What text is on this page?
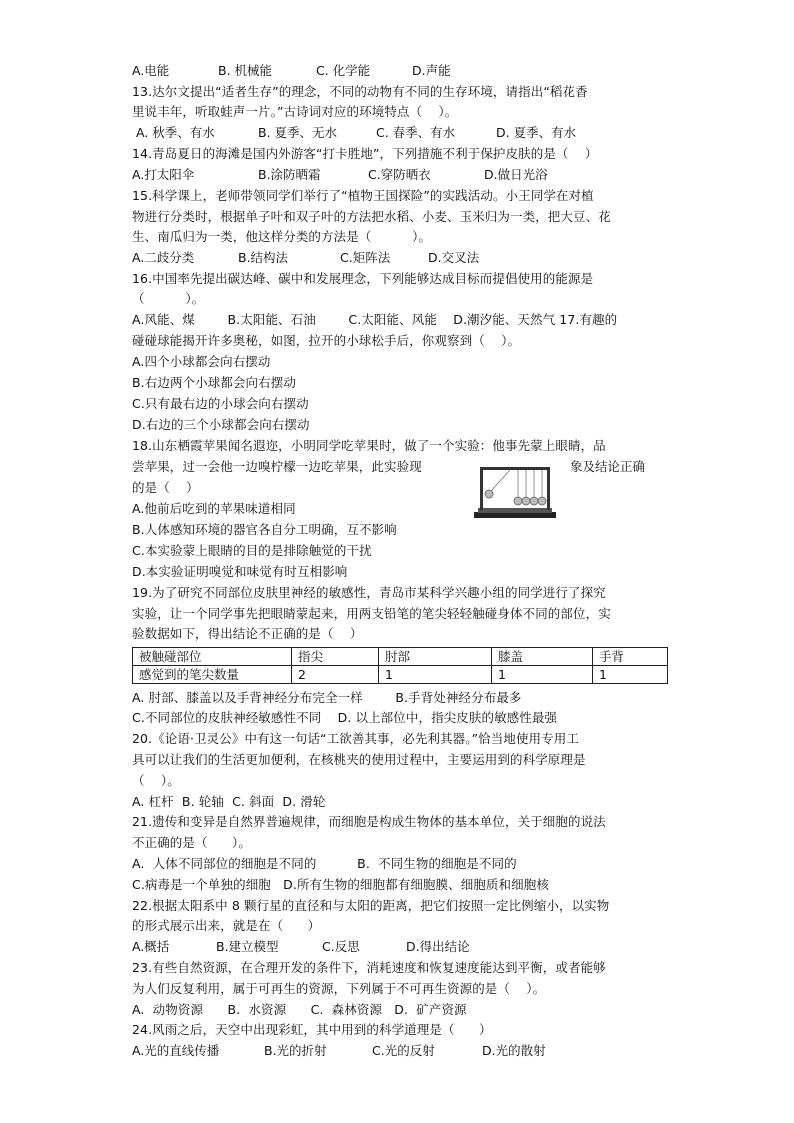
A.电能	B. 机械能	C. 化学能	D.声能
13.达尔文提出“适者生存”的理念，不同的动物有不同的生存环境，请指出“稻花香
里说丰年，听取蛙声一片。”古诗词对应的环境特点（    ）。
A. 秋季、有水	B. 夏季、无水	C. 春季、有水	D. 夏季、有水
14.青岛夏日的海滩是国内外游客“打卡胜地”，下列措施不利于保护皮肤的是（    ）
A.打太阳伞	B.涂防晒霜	C.穿防晒衣	D.做日光浴
15.科学课上，老师带领同学们举行了“植物王国探险”的实践活动。小王同学在对植
物进行分类时，根据单子叶和双子叶的方法把水稻、小麦、玉米归为一类，把大豆、花
生、南瓜归为一类，他这样分类的方法是（          ）。
A.二歧分类	B.结构法	C.矩阵法	D.交叉法
16.中国率先提出碳达峰、碳中和发展理念，下列能够达成目标而提倡使用的能源是
（          ）。
A.风能、煤        B.太阳能、石油        C.太阳能、风能    D.潮汐能、天然气 17.有趣的
碰碰球能揭开许多奥秘，如图，拉开的小球松手后，你观察到（    ）。
A.四个小球都会向右摆动
B.右边两个小球都会向右摆动
C.只有最右边的小球会向右摆动
D.右边的三个小球都会向右摆动
18.山东栖霞苹果闻名遐迩，小明同学吃苹果时，做了一个实验：他事先蒙上眼睛，品
尝苹果，过一会他一边嗅柠檬一边吃苹果，此实验现	象及结论正确
的是（    ）
A.他前后吃到的苹果味道相同
B.人体感知环境的器官各自分工明确，互不影响
C.本实验蒙上眼睛的目的是排除触觉的干扰
D.本实验证明嗅觉和味觉有时互相影响
19.为了研究不同部位皮肤里神经的敏感性，青岛市某科学兴趣小组的同学进行了探究
实验，让一个同学事先把眼睛蒙起来，用两支铅笔的笔尖轻轻触碰身体不同的部位，实
验数据如下，得出结论不正确的是（    ）
被触碰部位	指尖	肘部	膝盖	手背
感觉到的笔尖数量	2	1	1	1
A. 肘部、膝盖以及手背神经分布完全一样        B.手背处神经分布最多
C.不同部位的皮肤神经敏感性不同    D. 以上部位中，指尖皮肤的敏感性最强
20.《论语·卫灵公》中有这一句话“工欲善其事，必先利其器。”恰当地使用专用工
具可以让我们的生活更加便利，在核桃夹的使用过程中，主要运用到的科学原理是
（    ）。
A. 杠杆  B. 轮轴  C. 斜面  D. 滑轮
21.遗传和变异是自然界普遍规律，而细胞是构成生物体的基本单位，关于细胞的说法
不正确的是（      ）。
A.  人体不同部位的细胞是不同的          B.  不同生物的细胞是不同的
C.病毒是一个单独的细胞   D.所有生物的细胞都有细胞膜、细胞质和细胞核
22.根据太阳系中 8 颗行星的直径和与太阳的距离，把它们按照一定比例缩小，以实物
的形式展示出来，就是在（      ）
A.概括	B.建立模型	C.反思	D.得出结论
23.有些自然资源，在合理开发的条件下，消耗速度和恢复速度能达到平衡，或者能够
为人们反复利用，属于可再生的资源，下列属于不可再生资源的是（    ）。
A.  动物资源      B.  水资源      C.  森林资源   D.  矿产资源
24.风雨之后，天空中出现彩虹，其中用到的科学道理是（      ）
A.光的直线传播	B.光的折射	C.光的反射	D.光的散射
